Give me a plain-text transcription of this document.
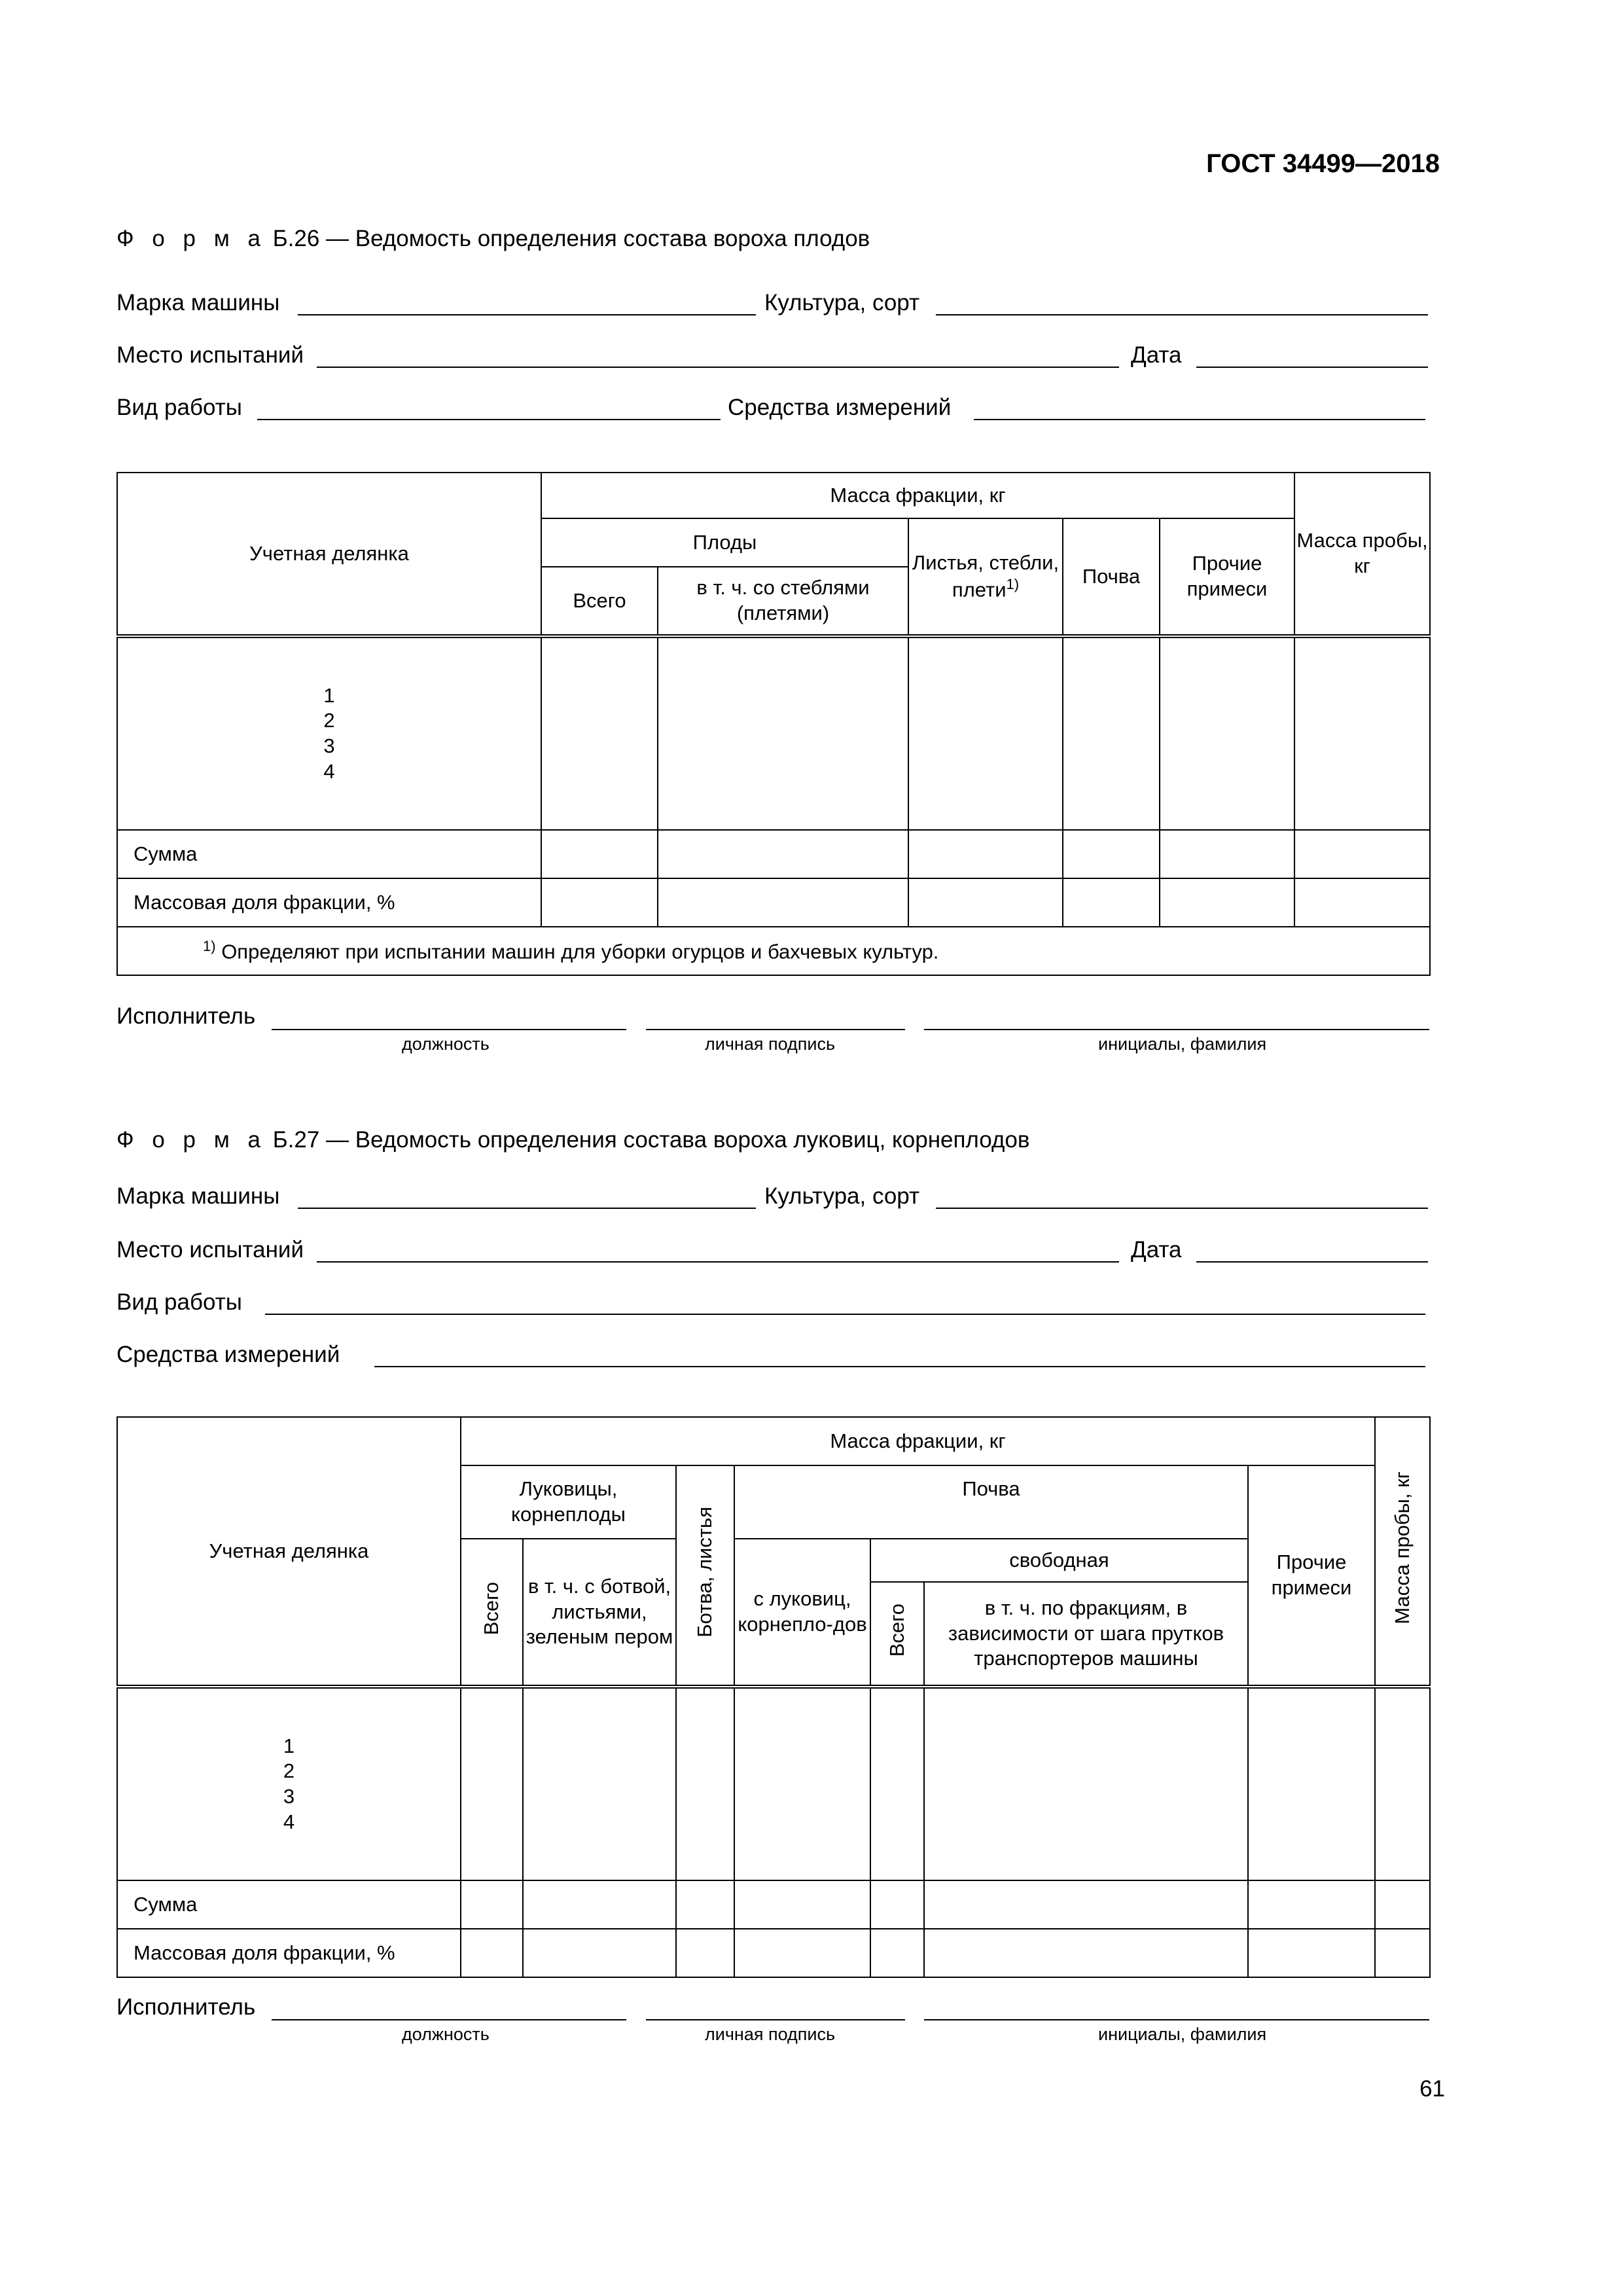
ГОСТ 34499—2018
Ф о р м а Б.26 — Ведомость определения состава вороха плодов
Марка машины	Культура, сорт
Место испытаний	Дата
Вид работы	Средства измерений
Учетная делянка	Масса фракции, кг					Масса пробы, кг
	Плоды		Листья, стебли, плети$^{1)}$	Почва	Прочие примеси	
	Всего	в т. ч. со стеблями (плетями)				

1
2
3
4						

Сумма						
Массовая доля фракции, %						
$^{1)}$ Определяют при испытании машин для уборки огурцов и бахчевых культур.						
Исполнитель
должность	личная подпись	инициалы, фамилия
Ф о р м а Б.27 — Ведомость определения состава вороха луковиц, корнеплодов
Марка машины	Культура, сорт
Место испытаний	Дата
Вид работы
Средства измерений
Учетная делянка	Масса фракции, кг							Масса пробы, кг
	Луковицы, корнеплоды		Ботва, листья	Почва			Прочие примеси	
	Всего	в т. ч. с ботвой, листьями, зеленым пером		с луковиц, корнепло-дов	свободная			
					Всего	в т. ч. по фракциям, в зависимости от шага прутков транспортеров машины		

1
2
3
4								

Сумма								
Массовая доля фракции, %								
Исполнитель
должность	личная подпись	инициалы, фамилия
61
